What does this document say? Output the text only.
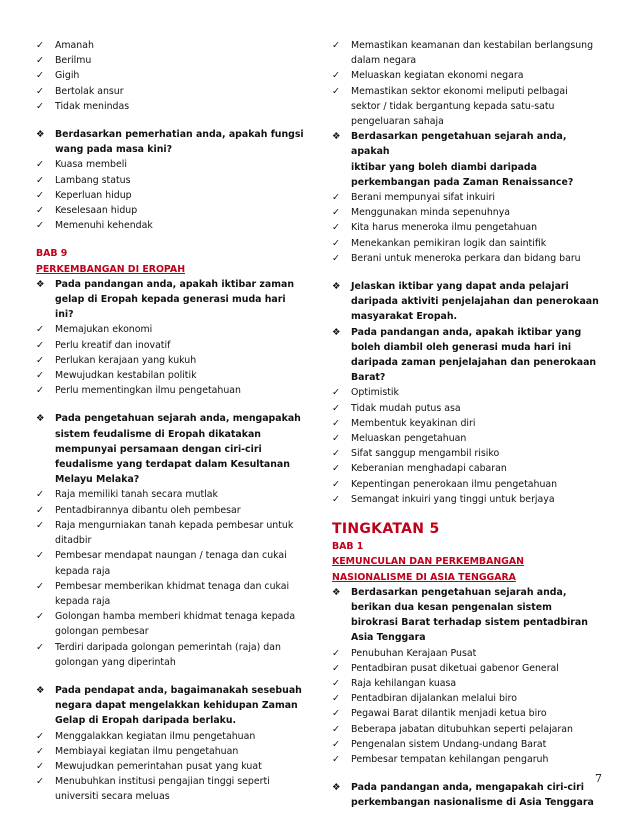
✓	Amanah
✓	Berilmu
✓	Gigih
✓	Bertolak ansur
✓	Tidak menindas
❖	Berdasarkan pemerhatian anda, apakah fungsi
wang pada masa kini?
✓	Kuasa membeli
✓	Lambang status
✓	Keperluan hidup
✓	Keselesaan hidup
✓	Memenuhi kehendak
BAB 9
PERKEMBANGAN DI EROPAH
❖	Pada pandangan anda, apakah iktibar zaman
gelap di Eropah kepada generasi muda hari ini?
✓	Memajukan ekonomi
✓	Perlu kreatif dan inovatif
✓	Perlukan kerajaan yang kukuh
✓	Mewujudkan kestabilan politik
✓	Perlu mementingkan ilmu pengetahuan
❖	Pada pengetahuan sejarah anda, mengapakah
sistem feudalisme di Eropah dikatakan
mempunyai persamaan dengan ciri-ciri
feudalisme yang terdapat dalam Kesultanan
Melayu Melaka?
✓	Raja memiliki tanah secara mutlak
✓	Pentadbirannya dibantu oleh pembesar
✓	Raja mengurniakan tanah kepada pembesar untuk
ditadbir
✓	Pembesar mendapat naungan / tenaga dan cukai
kepada raja
✓	Pembesar memberikan khidmat tenaga dan cukai
kepada raja
✓	Golongan hamba memberi khidmat tenaga kepada
golongan pembesar
✓	Terdiri daripada golongan pemerintah (raja) dan
golongan yang diperintah
❖	Pada pendapat anda, bagaimanakah sesebuah
negara dapat mengelakkan kehidupan Zaman
Gelap di Eropah daripada berlaku.
✓	Menggalakkan kegiatan ilmu pengetahuan
✓	Membiayai kegiatan ilmu pengetahuan
✓	Mewujudkan pemerintahan pusat yang kuat
✓	Menubuhkan institusi pengajian tinggi seperti
universiti secara meluas
✓	Memastikan keamanan dan kestabilan berlangsung
dalam negara
✓	Meluaskan kegiatan ekonomi negara
✓	Memastikan sektor ekonomi meliputi pelbagai
sektor / tidak bergantung kepada satu-satu
pengeluaran sahaja
❖	Berdasarkan pengetahuan sejarah anda, apakah
iktibar yang boleh diambi daripada
perkembangan pada Zaman Renaissance?
✓	Berani mempunyai sifat inkuiri
✓	Menggunakan minda sepenuhnya
✓	Kita harus meneroka ilmu pengetahuan
✓	Menekankan pemikiran logik dan saintifik
✓	Berani untuk meneroka perkara dan bidang baru
❖	Jelaskan iktibar yang dapat anda pelajari
daripada aktiviti penjelajahan dan penerokaan
masyarakat Eropah.
❖	Pada pandangan anda, apakah iktibar yang
boleh diambil oleh generasi muda hari ini
daripada zaman penjelajahan dan penerokaan
Barat?
✓	Optimistik
✓	Tidak mudah putus asa
✓	Membentuk keyakinan diri
✓	Meluaskan pengetahuan
✓	Sifat sanggup mengambil risiko
✓	Keberanian menghadapi cabaran
✓	Kepentingan penerokaan ilmu pengetahuan
✓	Semangat inkuiri yang tinggi untuk berjaya
TINGKATAN 5
BAB 1
KEMUNCULAN DAN PERKEMBANGAN
NASIONALISME DI ASIA TENGGARA
❖	Berdasarkan pengetahuan sejarah anda,
berikan dua kesan pengenalan sistem
birokrasi Barat terhadap sistem pentadbiran
Asia Tenggara
✓	Penubuhan Kerajaan Pusat
✓	Pentadbiran pusat diketuai gabenor General
✓	Raja kehilangan kuasa
✓	Pentadbiran dijalankan melalui biro
✓	Pegawai Barat dilantik menjadi ketua biro
✓	Beberapa jabatan ditubuhkan seperti pelajaran
✓	Pengenalan sistem Undang-undang Barat
✓	Pembesar tempatan kehilangan pengaruh
❖	Pada pandangan anda, mengapakah ciri-ciri
perkembangan nasionalisme di Asia Tenggara
7
